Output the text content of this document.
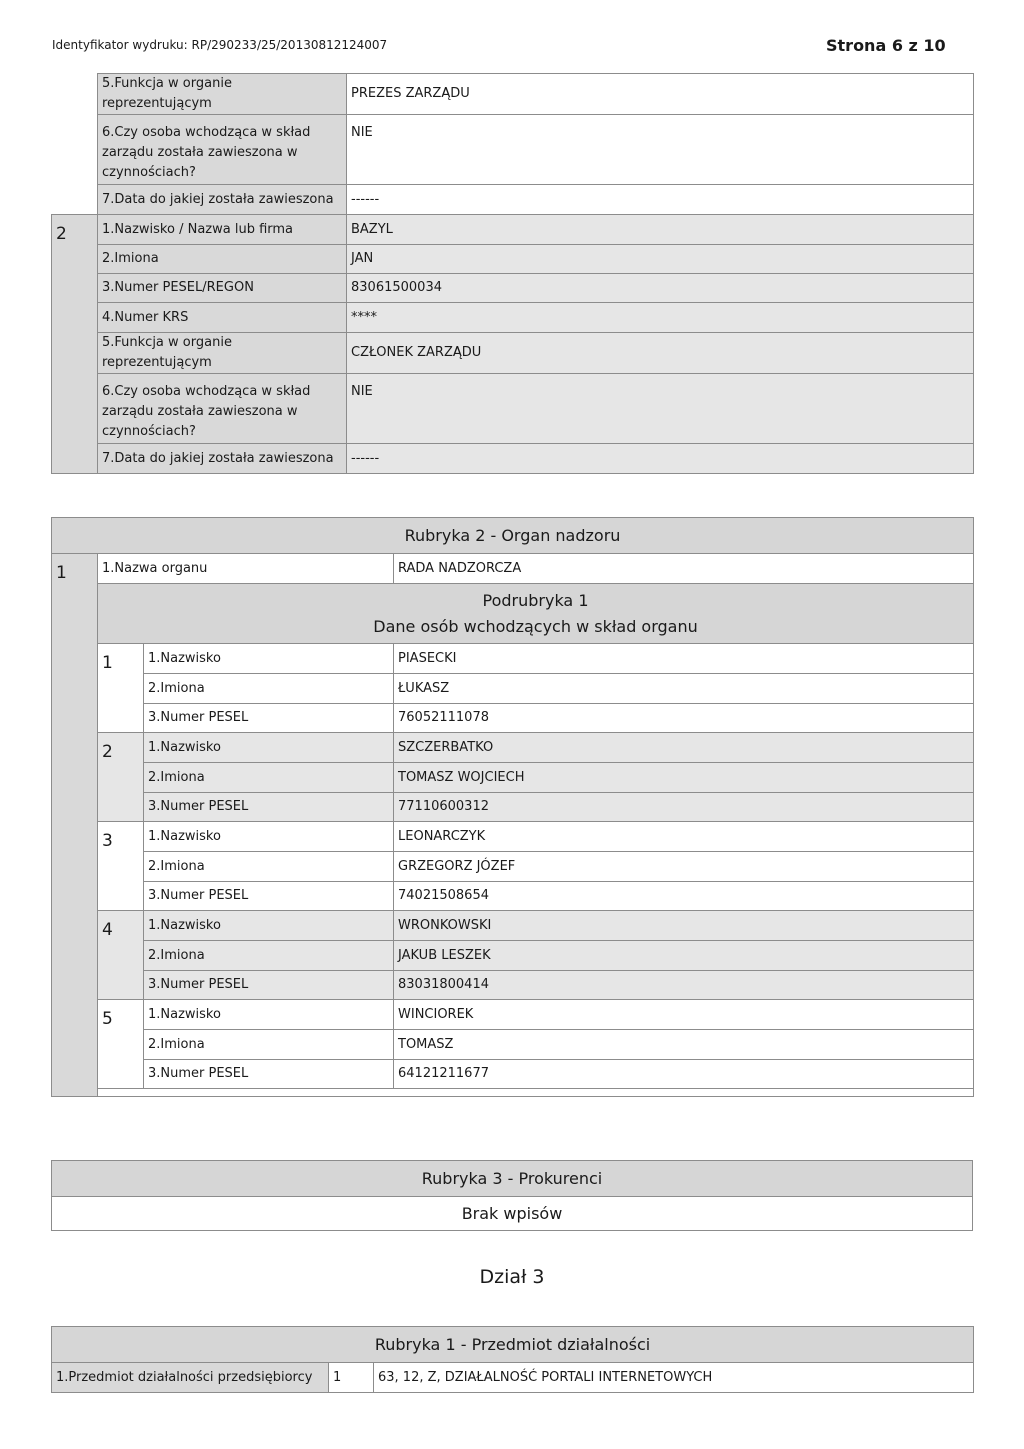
Identyfikator wydruku: RP/290233/25/20130812124007	Strona 6 z 10
	5.Funkcja w organie reprezentującym	PREZES ZARZĄDU
	6.Czy osoba wchodząca w skład zarządu została zawieszona w czynnościach?	NIE
	7.Data do jakiej została zawieszona	------
2	1.Nazwisko / Nazwa lub firma	BAZYL
	2.Imiona	JAN
	3.Numer PESEL/REGON	83061500034
	4.Numer KRS	****
	5.Funkcja w organie reprezentującym	CZŁONEK ZARZĄDU
	6.Czy osoba wchodząca w skład zarządu została zawieszona w czynnościach?	NIE
	7.Data do jakiej została zawieszona	------
Rubryka 2 - Organ nadzoru			
1	1.Nazwa organu		RADA NADZORCZA

	Podrubryka 1
Dane osób wchodzących w skład organu		

	1	1.Nazwisko	PIASECKI
		2.Imiona	ŁUKASZ
		3.Numer PESEL	76052111078
	2	1.Nazwisko	SZCZERBATKO
		2.Imiona	TOMASZ WOJCIECH
		3.Numer PESEL	77110600312
	3	1.Nazwisko	LEONARCZYK
		2.Imiona	GRZEGORZ JÓZEF
		3.Numer PESEL	74021508654
	4	1.Nazwisko	WRONKOWSKI
		2.Imiona	JAKUB LESZEK
		3.Numer PESEL	83031800414
	5	1.Nazwisko	WINCIOREK
		2.Imiona	TOMASZ
		3.Numer PESEL	64121211677

Rubryka 3 - Prokurenci
Brak wpisów
Dział 3
Rubryka 1 - Przedmiot działalności
1.Przedmiot działalności przedsiębiorcy	1	63, 12, Z, DZIAŁALNOŚĆ PORTALI INTERNETOWYCH
